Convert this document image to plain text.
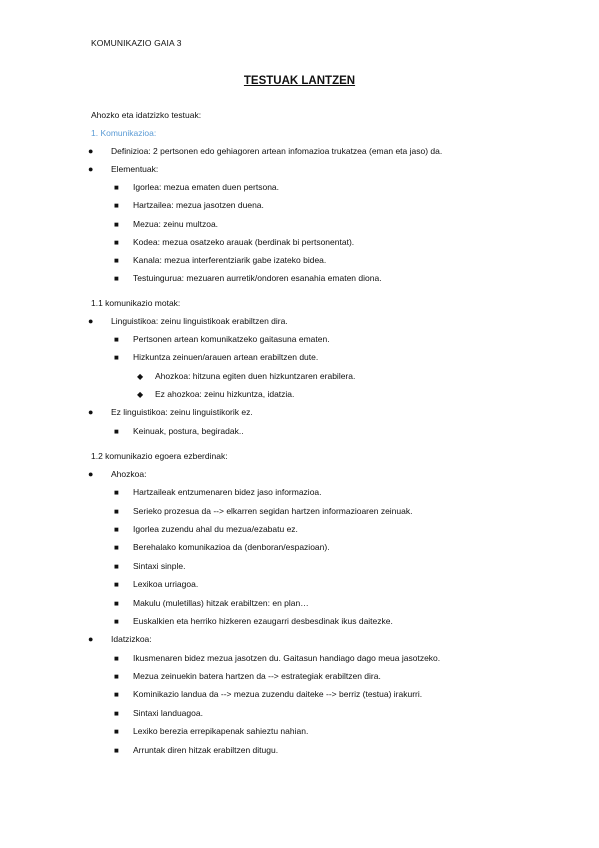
KOMUNIKAZIO GAIA 3
TESTUAK LANTZEN
Ahozko eta idatzizko testuak:
1. Komunikazioa:
●
Definizioa: 2 pertsonen edo gehiagoren artean infomazioa trukatzea (eman eta jaso) da.
●
Elementuak:
■
Igorlea: mezua ematen duen pertsona.
■
Hartzailea: mezua jasotzen duena.
■
Mezua: zeinu multzoa.
■
Kodea: mezua osatzeko arauak (berdinak bi pertsonentat).
■
Kanala: mezua interferentziarik gabe izateko bidea.
■
Testuingurua: mezuaren aurretik/ondoren esanahia ematen diona.
1.1 komunikazio motak:
●
Linguistikoa: zeinu linguistikoak erabiltzen dira.
■
Pertsonen artean komunikatzeko gaitasuna ematen.
■
Hizkuntza zeinuen/arauen artean erabiltzen dute.
◆
Ahozkoa: hitzuna egiten duen hizkuntzaren erabilera.
◆
Ez ahozkoa: zeinu hizkuntza, idatzia.
●
Ez linguistikoa: zeinu linguistikorik ez.
■
Keinuak, postura, begiradak..
1.2 komunikazio egoera ezberdinak:
●
Ahozkoa:
■
Hartzaileak entzumenaren bidez jaso informazioa.
■
Serieko prozesua da --> elkarren segidan hartzen informazioaren zeinuak.
■
Igorlea zuzendu ahal du mezua/ezabatu ez.
■
Berehalako komunikazioa da (denboran/espazioan).
■
Sintaxi sinple.
■
Lexikoa urriagoa.
■
Makulu (muletillas) hitzak erabiltzen: en plan…
■
Euskalkien eta herriko hizkeren ezaugarri desbesdinak ikus daitezke.
●
Idatzizkoa:
■
Ikusmenaren bidez mezua jasotzen du. Gaitasun handiago dago meua jasotzeko.
■
Mezua zeinuekin batera hartzen da --> estrategiak erabiltzen dira.
■
Kominikazio landua da --> mezua zuzendu daiteke --> berriz (testua) irakurri.
■
Sintaxi landuagoa.
■
Lexiko berezia errepikapenak sahieztu nahian.
■
Arruntak diren hitzak erabiltzen ditugu.
